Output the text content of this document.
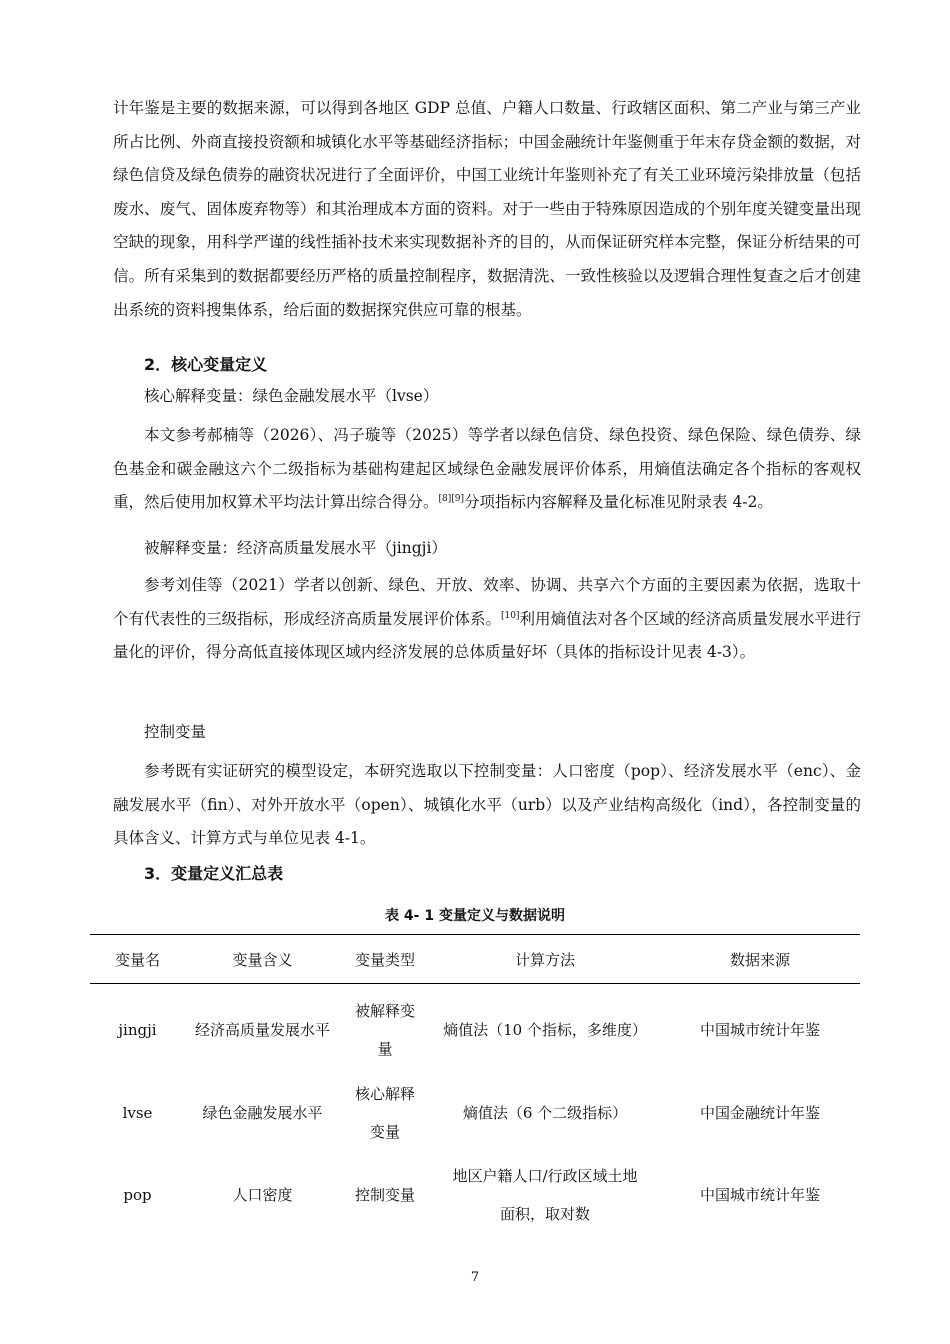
计年鉴是主要的数据来源，可以得到各地区 GDP 总值、户籍人口数量、行政辖区面积、第二产业与第三产业所占比例、外商直接投资额和城镇化水平等基础经济指标；中国金融统计年鉴侧重于年末存贷金额的数据，对绿色信贷及绿色债券的融资状况进行了全面评价，中国工业统计年鉴则补充了有关工业环境污染排放量（包括废水、废气、固体废弃物等）和其治理成本方面的资料。对于一些由于特殊原因造成的个别年度关键变量出现空缺的现象，用科学严谨的线性插补技术来实现数据补齐的目的，从而保证研究样本完整，保证分析结果的可信。所有采集到的数据都要经历严格的质量控制程序，数据清洗、一致性核验以及逻辑合理性复查之后才创建出系统的资料搜集体系，给后面的数据探究供应可靠的根基。

2．核心变量定义
核心解释变量：绿色金融发展水平（lvse）

本文参考郝楠等（2026）、冯子璇等（2025）等学者以绿色信贷、绿色投资、绿色保险、绿色债券、绿色基金和碳金融这六个二级指标为基础构建起区域绿色金融发展评价体系，用熵值法确定各个指标的客观权重，然后使用加权算术平均法计算出综合得分。[8][9]分项指标内容解释及量化标准见附录表 4-2。

被解释变量：经济高质量发展水平（jingji）

参考刘佳等（2021）学者以创新、绿色、开放、效率、协调、共享六个方面的主要因素为依据，选取十个有代表性的三级指标，形成经济高质量发展评价体系。[10]利用熵值法对各个区域的经济高质量发展水平进行量化的评价，得分高低直接体现区域内经济发展的总体质量好坏（具体的指标设计见表 4-3）。

控制变量

参考既有实证研究的模型设定，本研究选取以下控制变量：人口密度（pop）、经济发展水平（enc）、金融发展水平（fin）、对外开放水平（open）、城镇化水平（urb）以及产业结构高级化（ind），各控制变量的具体含义、计算方式与单位见表 4-1。

3．变量定义汇总表
表 4- 1 变量定义与数据说明
变量名	变量含义	变量类型	计算方法	数据来源
jingji	经济高质量发展水平	被解释变量	熵值法（10 个指标，多维度）	中国城市统计年鉴
lvse	绿色金融发展水平	核心解释变量	熵值法（6 个二级指标）	中国金融统计年鉴
pop	人口密度	控制变量	地区户籍人口/行政区域土地面积，取对数	中国城市统计年鉴
7
